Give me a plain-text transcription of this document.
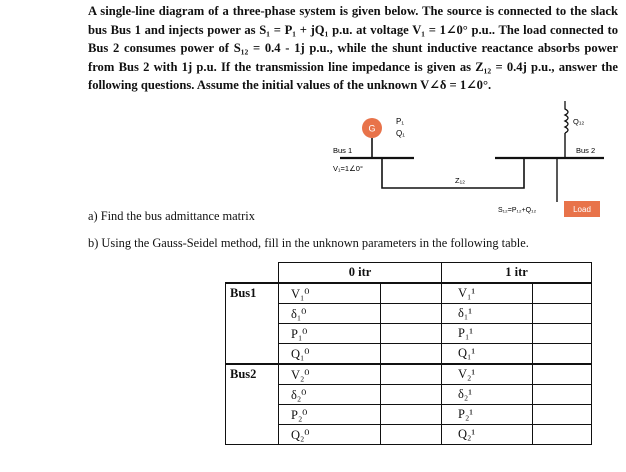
A single-line diagram of a three-phase system is given below. The source is connected to the slack bus Bus 1 and injects power as S₁ = P₁ + jQ₁ p.u. at voltage V₁ = 1∠0° p.u.. The load connected to Bus 2 consumes power of S₁₂ = 0.4 - 1j p.u., while the shunt inductive reactance absorbs power from Bus 2 with 1j p.u. If the transmission line impedance is given as Z₁₂ = 0.4j p.u., answer the following questions. Assume the initial values of the unknown V∠δ = 1∠0°.
G
P₁
Q₁
Bus 1
V₁=1∠0°
Z₁₂
Bus 2
Q₁₂
Load
S₁₂=P₁₂+Q₁₂
a) Find the bus admittance matrix
b) Using the Gauss-Seidel method, fill in the unknown parameters in the following table.
	0 itr		1 itr	
Bus1	V₁⁰		V₁¹	
	δ₁⁰		δ₁¹	
	P₁⁰		P₁¹	
	Q₁⁰		Q₁¹	
Bus2	V₂⁰		V₂¹	
	δ₂⁰		δ₂¹	
	P₂⁰		P₂¹	
	Q₂⁰		Q₂¹	
